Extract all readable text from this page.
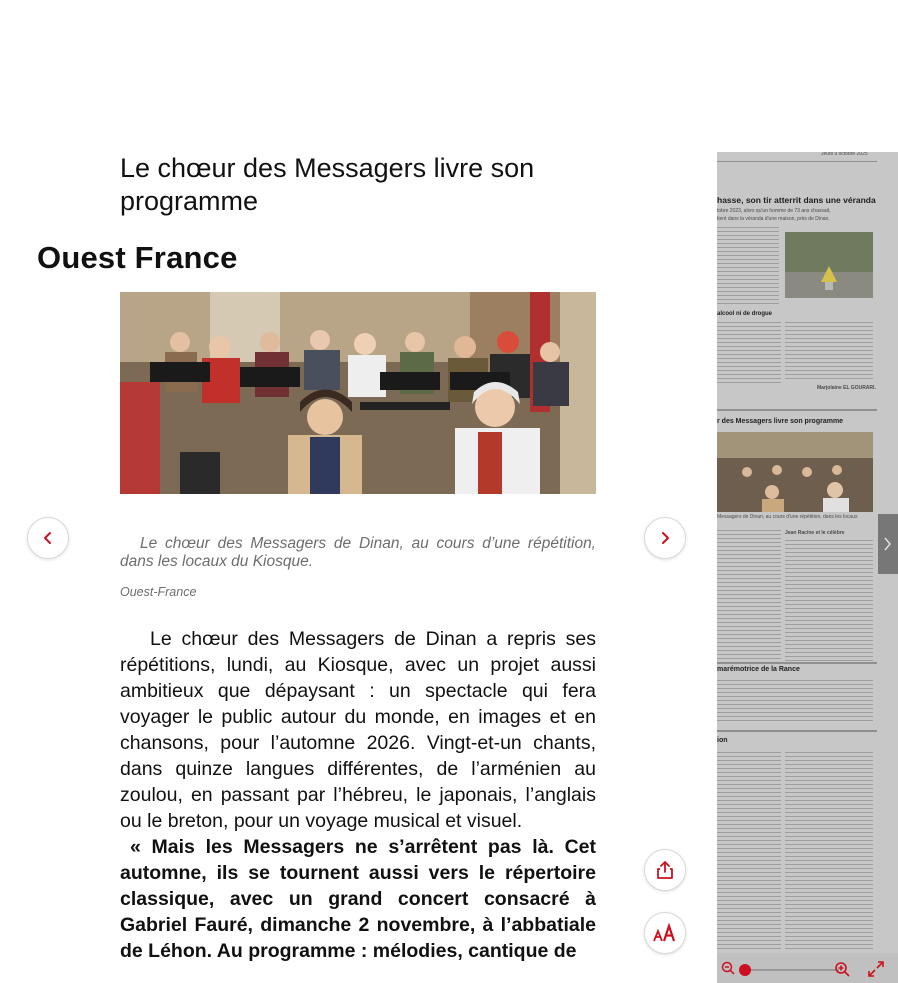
Le chœur des Messagers livre son programme
Ouest France
Le chœur des Messagers de Dinan, au cours d’une répétition, dans les locaux du Kiosque.
Ouest-France

Le chœur des Messagers de Dinan a repris ses répétitions, lundi, au Kiosque, avec un projet aussi ambitieux que dépaysant : un spectacle qui fera voyager le public autour du monde, en images et en chansons, pour l’automne 2026. Vingt-et-un chants, dans quinze langues différentes, de l’arménien au zoulou, en passant par l’hébreu, le japonais, l’anglais ou le breton, pour un voyage musical et visuel.

« Mais les Messagers ne s’arrêtent pas là. Cet automne, ils se tournent aussi vers le répertoire classique, avec un grand concert consacré à Gabriel Fauré, dimanche 2 novembre, à l’abbatiale de Léhon. Au programme : mélodies, cantique de

Jeudi 9 octobre 2025
hasse, son tir atterrit dans une véranda
tobre 2023, alors qu'un homme de 73 ans chassait,
tient dans la véranda d'une maison, près de Dinan.
alcool ni de drogue
Marjolaine EL GOURARI.
r des Messagers livre son programme
Messagers de Dinan, au cours d'une répétition, dans les locaux
Jean Racine et le célèbre
marémotrice de la Rance
ion
